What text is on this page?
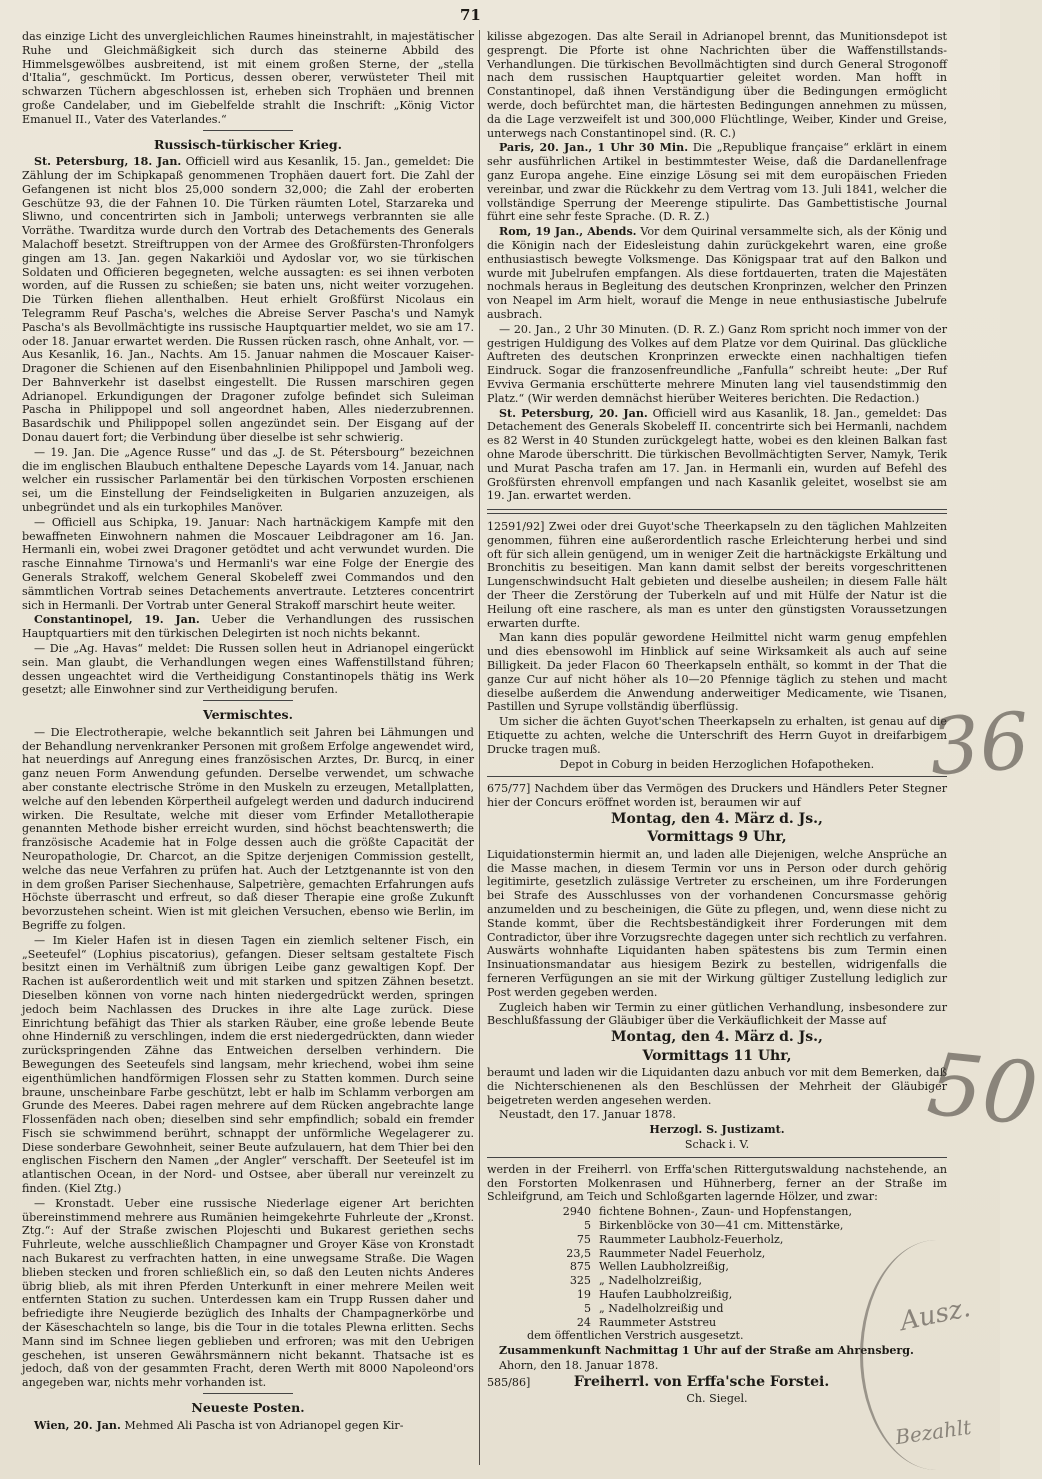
71

das einzige Licht des unvergleichlichen Raumes hineinstrahlt, in majestätischer Ruhe und Gleichmäßigkeit sich durch das steinerne Abbild des Himmelsgewölbes ausbreitend, ist mit einem großen Sterne, der „stella d'Italia“, geschmückt. Im Porticus, dessen oberer, verwüsteter Theil mit schwarzen Tüchern abgeschlossen ist, erheben sich Trophäen und brennen große Candelaber, und im Giebelfelde strahlt die Inschrift: „König Victor Emanuel II., Vater des Vaterlandes.“

Russisch-türkischer Krieg.

St. Petersburg, 18. Jan. Officiell wird aus Kesanlik, 15. Jan., gemeldet: Die Zählung der im Schipkapaß genommenen Trophäen dauert fort. Die Zahl der Gefangenen ist nicht blos 25,000 sondern 32,000; die Zahl der eroberten Geschütze 93, die der Fahnen 10. Die Türken räumten Lotel, Starzareka und Sliwno, und concentrirten sich in Jamboli; unterwegs verbrannten sie alle Vorräthe. Twarditza wurde durch den Vortrab des Detachements des Generals Malachoff besetzt. Streiftruppen von der Armee des Großfürsten-Thronfolgers gingen am 13. Jan. gegen Nakarkiöi und Aydoslar vor, wo sie türkischen Soldaten und Officieren begegneten, welche aussagten: es sei ihnen verboten worden, auf die Russen zu schießen; sie baten uns, nicht weiter vorzugehen. Die Türken fliehen allenthalben. Heut erhielt Großfürst Nicolaus ein Telegramm Reuf Pascha's, welches die Abreise Server Pascha's und Namyk Pascha's als Bevollmächtigte ins russische Hauptquartier meldet, wo sie am 17. oder 18. Januar erwartet werden. Die Russen rücken rasch, ohne Anhalt, vor. — Aus Kesanlik, 16. Jan., Nachts. Am 15. Januar nahmen die Moscauer Kaiser-Dragoner die Schienen auf den Eisenbahnlinien Philippopel und Jamboli weg. Der Bahnverkehr ist daselbst eingestellt. Die Russen marschiren gegen Adrianopel. Erkundigungen der Dragoner zufolge befindet sich Suleiman Pascha in Philippopel und soll angeordnet haben, Alles niederzubrennen. Basardschik und Philippopel sollen angezündet sein. Der Eisgang auf der Donau dauert fort; die Verbindung über dieselbe ist sehr schwierig.

— 19. Jan. Die „Agence Russe“ und das „J. de St. Pétersbourg“ bezeichnen die im englischen Blaubuch enthaltene Depesche Layards vom 14. Januar, nach welcher ein russischer Parlamentär bei den türkischen Vorposten erschienen sei, um die Einstellung der Feindseligkeiten in Bulgarien anzuzeigen, als unbegründet und als ein turkophiles Manöver.

— Officiell aus Schipka, 19. Januar: Nach hartnäckigem Kampfe mit den bewaffneten Einwohnern nahmen die Moscauer Leibdragoner am 16. Jan. Hermanli ein, wobei zwei Dragoner getödtet und acht verwundet wurden. Die rasche Einnahme Tirnowa's und Hermanli's war eine Folge der Energie des Generals Strakoff, welchem General Skobeleff zwei Commandos und den sämmtlichen Vortrab seines Detachements anvertraute. Letzteres concentrirt sich in Hermanli. Der Vortrab unter General Strakoff marschirt heute weiter.

Constantinopel, 19. Jan. Ueber die Verhandlungen des russischen Hauptquartiers mit den türkischen Delegirten ist noch nichts bekannt.

— Die „Ag. Havas“ meldet: Die Russen sollen heut in Adrianopel eingerückt sein. Man glaubt, die Verhandlungen wegen eines Waffenstillstand führen; dessen ungeachtet wird die Vertheidigung Constantinopels thätig ins Werk gesetzt; alle Einwohner sind zur Vertheidigung berufen.

Vermischtes.

— Die Electrotherapie, welche bekanntlich seit Jahren bei Lähmungen und der Behandlung nervenkranker Personen mit großem Erfolge angewendet wird, hat neuerdings auf Anregung eines französischen Arztes, Dr. Burcq, in einer ganz neuen Form Anwendung gefunden. Derselbe verwendet, um schwache aber constante electrische Ströme in den Muskeln zu erzeugen, Metallplatten, welche auf den lebenden Körpertheil aufgelegt werden und dadurch inducirend wirken. Die Resultate, welche mit dieser vom Erfinder Metallotherapie genannten Methode bisher erreicht wurden, sind höchst beachtenswerth; die französische Academie hat in Folge dessen auch die größte Capacität der Neuropathologie, Dr. Charcot, an die Spitze derjenigen Commission gestellt, welche das neue Verfahren zu prüfen hat. Auch der Letztgenannte ist von den in dem großen Pariser Siechenhause, Salpetrière, gemachten Erfahrungen aufs Höchste überrascht und erfreut, so daß dieser Therapie eine große Zukunft bevorzustehen scheint. Wien ist mit gleichen Versuchen, ebenso wie Berlin, im Begriffe zu folgen.

— Im Kieler Hafen ist in diesen Tagen ein ziemlich seltener Fisch, ein „Seeteufel“ (Lophius piscatorius), gefangen. Dieser seltsam gestaltete Fisch besitzt einen im Verhältniß zum übrigen Leibe ganz gewaltigen Kopf. Der Rachen ist außerordentlich weit und mit starken und spitzen Zähnen besetzt. Dieselben können von vorne nach hinten niedergedrückt werden, springen jedoch beim Nachlassen des Druckes in ihre alte Lage zurück. Diese Einrichtung befähigt das Thier als starken Räuber, eine große lebende Beute ohne Hinderniß zu verschlingen, indem die erst niedergedrückten, dann wieder zurückspringenden Zähne das Entweichen derselben verhindern. Die Bewegungen des Seeteufels sind langsam, mehr kriechend, wobei ihm seine eigenthümlichen handförmigen Flossen sehr zu Statten kommen. Durch seine braune, unscheinbare Farbe geschützt, lebt er halb im Schlamm verborgen am Grunde des Meeres. Dabei ragen mehrere auf dem Rücken angebrachte lange Flossenfäden nach oben; dieselben sind sehr empfindlich; sobald ein fremder Fisch sie schwimmend berührt, schnappt der unförmliche Wegelagerer zu. Diese sonderbare Gewohnheit, seiner Beute aufzulauern, hat dem Thier bei den englischen Fischern den Namen „der Angler“ verschafft. Der Seeteufel ist im atlantischen Ocean, in der Nord- und Ostsee, aber überall nur vereinzelt zu finden. (Kiel Ztg.)

— Kronstadt. Ueber eine russische Niederlage eigener Art berichten übereinstimmend mehrere aus Rumänien heimgekehrte Fuhrleute der „Kronst. Ztg.“: Auf der Straße zwischen Plojeschti und Bukarest geriethen sechs Fuhrleute, welche ausschließlich Champagner und Groyer Käse von Kronstadt nach Bukarest zu verfrachten hatten, in eine unwegsame Straße. Die Wagen blieben stecken und froren schließlich ein, so daß den Leuten nichts Anderes übrig blieb, als mit ihren Pferden Unterkunft in einer mehrere Meilen weit entfernten Station zu suchen. Unterdessen kam ein Trupp Russen daher und befriedigte ihre Neugierde bezüglich des Inhalts der Champagnerkörbe und der Käseschachteln so lange, bis die Tour in die totales Plewna erlitten. Sechs Mann sind im Schnee liegen geblieben und erfroren; was mit den Uebrigen geschehen, ist unseren Gewährsmännern nicht bekannt. Thatsache ist es jedoch, daß von der gesammten Fracht, deren Werth mit 8000 Napoleond'ors angegeben war, nichts mehr vorhanden ist.

Neueste Posten.

Wien, 20. Jan. Mehmed Ali Pascha ist von Adrianopel gegen Kir-

kilisse abgezogen. Das alte Serail in Adrianopel brennt, das Munitionsdepot ist gesprengt. Die Pforte ist ohne Nachrichten über die Waffenstillstands-Verhandlungen. Die türkischen Bevollmächtigten sind durch General Strogonoff nach dem russischen Hauptquartier geleitet worden. Man hofft in Constantinopel, daß ihnen Verständigung über die Bedingungen ermöglicht werde, doch befürchtet man, die härtesten Bedingungen annehmen zu müssen, da die Lage verzweifelt ist und 300,000 Flüchtlinge, Weiber, Kinder und Greise, unterwegs nach Constantinopel sind. (R. C.)

Paris, 20. Jan., 1 Uhr 30 Min. Die „Republique française“ erklärt in einem sehr ausführlichen Artikel in bestimmtester Weise, daß die Dardanellenfrage ganz Europa angehe. Eine einzige Lösung sei mit dem europäischen Frieden vereinbar, und zwar die Rückkehr zu dem Vertrag vom 13. Juli 1841, welcher die vollständige Sperrung der Meerenge stipulirte. Das Gambettistische Journal führt eine sehr feste Sprache. (D. R. Z.)

Rom, 19 Jan., Abends. Vor dem Quirinal versammelte sich, als der König und die Königin nach der Eidesleistung dahin zurückgekehrt waren, eine große enthusiastisch bewegte Volksmenge. Das Königspaar trat auf den Balkon und wurde mit Jubelrufen empfangen. Als diese fortdauerten, traten die Majestäten nochmals heraus in Begleitung des deutschen Kronprinzen, welcher den Prinzen von Neapel im Arm hielt, worauf die Menge in neue enthusiastische Jubelrufe ausbrach.

— 20. Jan., 2 Uhr 30 Minuten. (D. R. Z.) Ganz Rom spricht noch immer von der gestrigen Huldigung des Volkes auf dem Platze vor dem Quirinal. Das glückliche Auftreten des deutschen Kronprinzen erweckte einen nachhaltigen tiefen Eindruck. Sogar die franzosenfreundliche „Fanfulla“ schreibt heute: „Der Ruf Evviva Germania erschütterte mehrere Minuten lang viel tausendstimmig den Platz.“ (Wir werden demnächst hierüber Weiteres berichten. Die Redaction.)

St. Petersburg, 20. Jan. Officiell wird aus Kasanlik, 18. Jan., gemeldet: Das Detachement des Generals Skobeleff II. concentrirte sich bei Hermanli, nachdem es 82 Werst in 40 Stunden zurückgelegt hatte, wobei es den kleinen Balkan fast ohne Marode überschritt. Die türkischen Bevollmächtigten Server, Namyk, Terik und Murat Pascha trafen am 17. Jan. in Hermanli ein, wurden auf Befehl des Großfürsten ehrenvoll empfangen und nach Kasanlik geleitet, woselbst sie am 19. Jan. erwartet werden.

12591/92] Zwei oder drei Guyot'sche Theerkapseln zu den täglichen Mahlzeiten genommen, führen eine außerordentlich rasche Erleichterung herbei und sind oft für sich allein genügend, um in weniger Zeit die hartnäckigste Erkältung und Bronchitis zu beseitigen. Man kann damit selbst der bereits vorgeschrittenen Lungenschwindsucht Halt gebieten und dieselbe ausheilen; in diesem Falle hält der Theer die Zerstörung der Tuberkeln auf und mit Hülfe der Natur ist die Heilung oft eine raschere, als man es unter den günstigsten Voraussetzungen erwarten durfte.

Man kann dies populär gewordene Heilmittel nicht warm genug empfehlen und dies ebensowohl im Hinblick auf seine Wirksamkeit als auch auf seine Billigkeit. Da jeder Flacon 60 Theerkapseln enthält, so kommt in der That die ganze Cur auf nicht höher als 10—20 Pfennige täglich zu stehen und macht dieselbe außerdem die Anwendung anderweitiger Medicamente, wie Tisanen, Pastillen und Syrupe vollständig überflüssig.

Um sicher die ächten Guyot'schen Theerkapseln zu erhalten, ist genau auf die Etiquette zu achten, welche die Unterschrift des Herrn Guyot in dreifarbigem Drucke tragen muß.

Depot in Coburg in beiden Herzoglichen Hofapotheken.

675/77] Nachdem über das Vermögen des Druckers und Händlers Peter Stegner hier der Concurs eröffnet worden ist, beraumen wir auf

Montag, den 4. März d. Js.,

Vormittags 9 Uhr,

Liquidationstermin hiermit an, und laden alle Diejenigen, welche Ansprüche an die Masse machen, in diesem Termin vor uns in Person oder durch gehörig legitimirte, gesetzlich zulässige Vertreter zu erscheinen, um ihre Forderungen bei Strafe des Ausschlusses von der vorhandenen Concursmasse gehörig anzumelden und zu bescheinigen, die Güte zu pflegen, und, wenn diese nicht zu Stande kommt, über die Rechtsbeständigkeit ihrer Forderungen mit dem Contradictor, über ihre Vorzugsrechte dagegen unter sich rechtlich zu verfahren. Auswärts wohnhafte Liquidanten haben spätestens bis zum Termin einen Insinuationsmandatar aus hiesigem Bezirk zu bestellen, widrigenfalls die ferneren Verfügungen an sie mit der Wirkung gültiger Zustellung lediglich zur Post werden gegeben werden.

Zugleich haben wir Termin zu einer gütlichen Verhandlung, insbesondere zur Beschlußfassung der Gläubiger über die Verkäuflichkeit der Masse auf

Montag, den 4. März d. Js.,

Vormittags 11 Uhr,

beraumt und laden wir die Liquidanten dazu anbuch vor mit dem Bemerken, daß die Nichterschienenen als den Beschlüssen der Mehrheit der Gläubiger beigetreten werden angesehen werden.

Neustadt, den 17. Januar 1878.

Herzogl. S. Justizamt.

Schack i. V.

werden in der Freiherrl. von Erffa'schen Rittergutswaldung nachstehende, an den Forstorten Molkenrasen und Hühnerberg, ferner an der Straße im Schleifgrund, am Teich und Schloßgarten lagernde Hölzer, und zwar:

2940 fichtene Bohnen-, Zaun- und Hopfenstangen,
5 Birkenblöcke von 30—41 cm. Mittenstärke,
75 Raummeter Laubholz-Feuerholz,
23,5 Raummeter Nadel Feuerholz,
875 Wellen Laubholzreißig,
325 „ Nadelholzreißig,
19 Haufen Laubholzreißig,
5 „ Nadelholzreißig und
24 Raummeter Aststreu

dem öffentlichen Verstrich ausgesetzt.

Zusammenkunft Nachmittag 1 Uhr auf der Straße am Ahrensberg.

Ahorn, den 18. Januar 1878.

585/86]	Freiherrl. von Erffa'sche Forstei.

Ch. Siegel.

36
50
Ausz.
Bezahlt
